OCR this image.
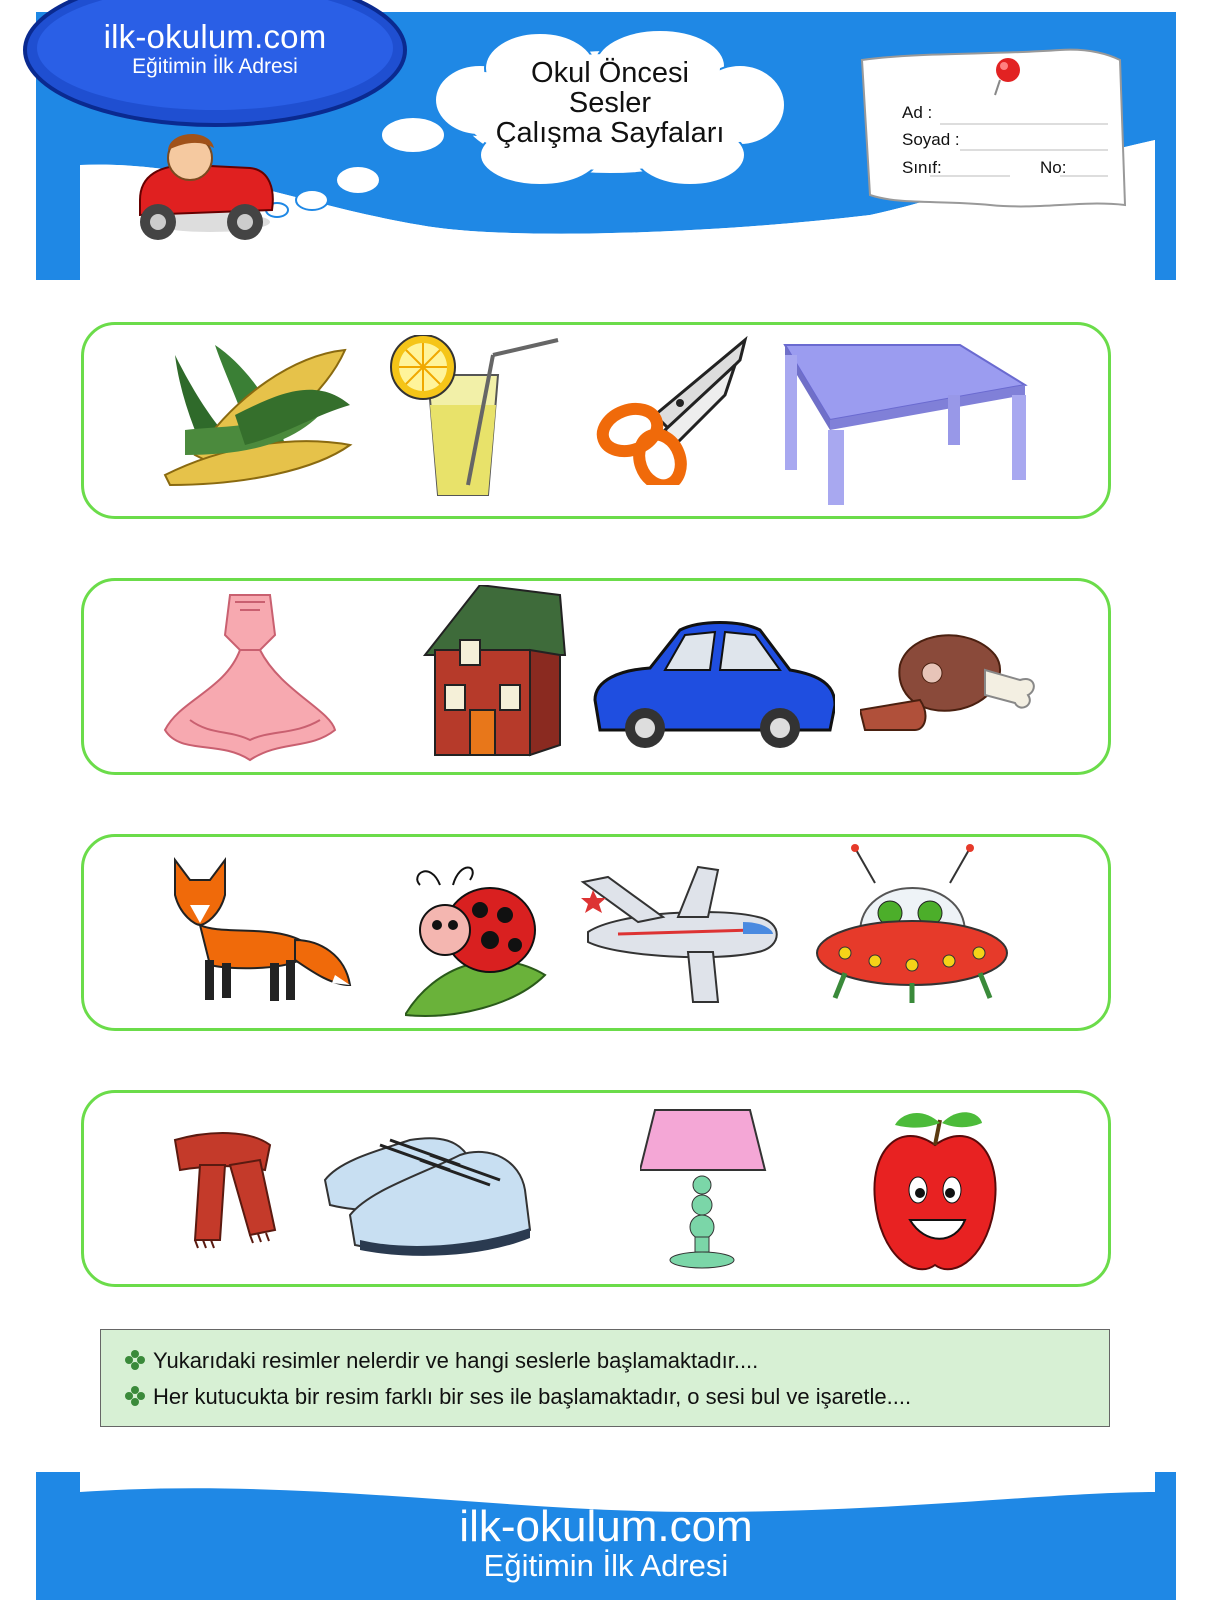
ilk-okulum.com
Eğitimin İlk Adresi	Okul Öncesi
Sesler
Çalışma Sayfaları
Ad :
Soyad :
Sınıf:	No:
Yukarıdaki resimler nelerdir ve hangi seslerle başlamaktadır....
Her kutucukta bir resim farklı bir ses ile başlamaktadır, o sesi bul ve işaretle....
ilk-okulum.com
Eğitimin İlk Adresi
